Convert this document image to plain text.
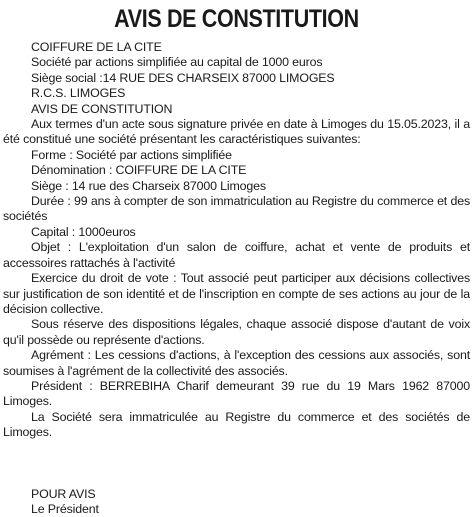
AVIS DE CONSTITUTION
COIFFURE DE LA CITE
Société par actions simplifiée au capital de 1000 euros
Siège social :14 RUE DES CHARSEIX 87000 LIMOGES
R.C.S. LIMOGES
AVIS DE CONSTITUTION
Aux termes d'un acte sous signature privée en date à Limoges du 15.05.2023, il a été constitué une société présentant les caractéristiques suivantes:
Forme : Société par actions simplifiée
Dénomination : COIFFURE DE LA CITE
Siège : 14 rue des Charseix 87000 Limoges
Durée : 99 ans à compter de son immatriculation au Registre du commerce et des sociétés
Capital : 1000euros
Objet : L'exploitation d'un salon de coiffure, achat et vente de produits et accessoires rattachés à l'activité
Exercice du droit de vote : Tout associé peut participer aux décisions collectives sur justification de son identité et de l'inscription en compte de ses actions au jour de la décision collective.
Sous réserve des dispositions légales, chaque associé dispose d'autant de voix qu'il possède ou représente d'actions.
Agrément : Les cessions d'actions, à l'exception des cessions aux associés, sont soumises à l'agrément de la collectivité des associés.
Président : BERREBIHA Charif demeurant 39 rue du 19 Mars 1962 87000 Limoges.
La Société sera immatriculée au Registre du commerce et des sociétés de Limoges.
POUR AVIS
Le Président
